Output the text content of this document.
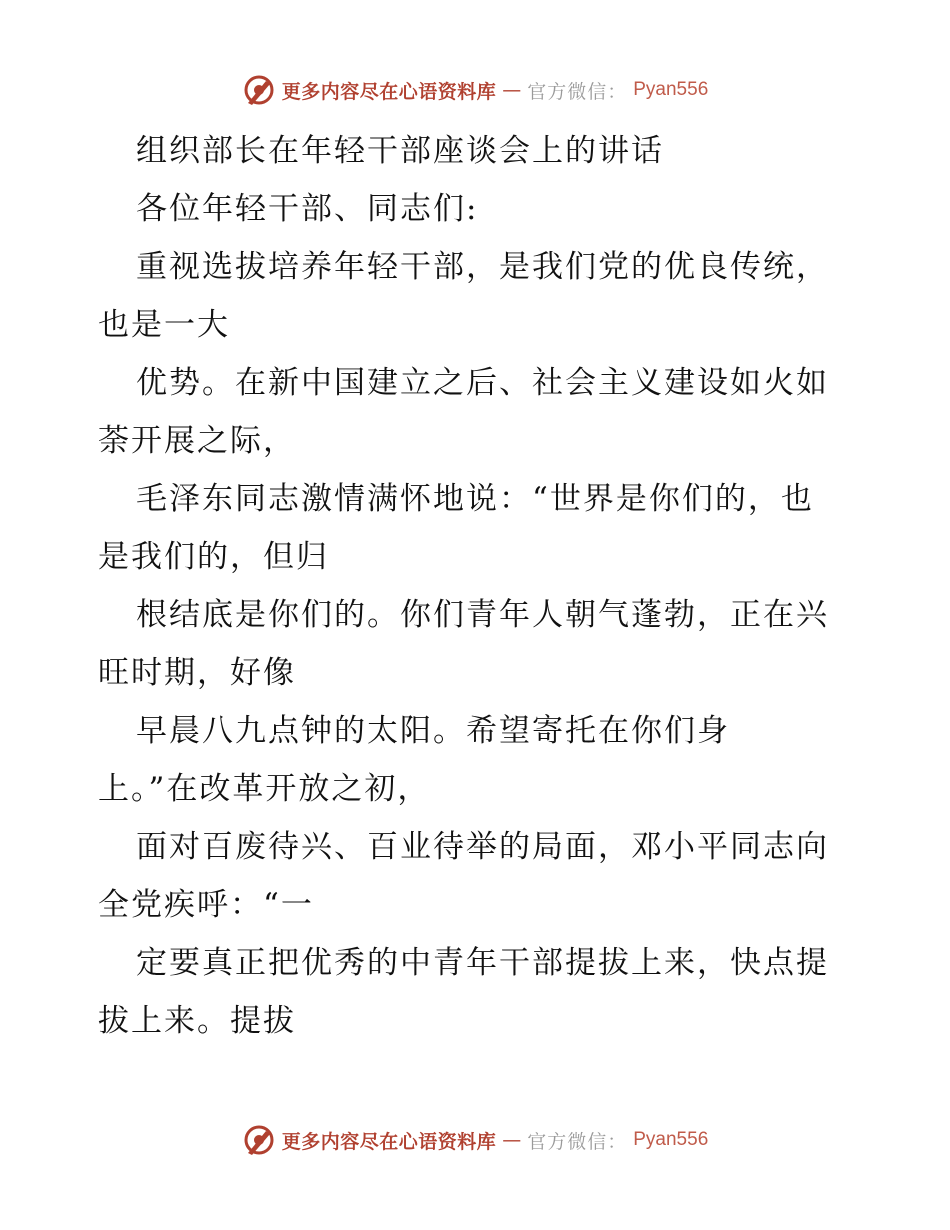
更多内容尽在心语资料库 — 官方微信： Pyan556
组织部长在年轻干部座谈会上的讲话
各位年轻干部、同志们:
重视选拔培养年轻干部，是我们党的优良传统，
也是一大
优势。在新中国建立之后、社会主义建设如火如
荼开展之际，
毛泽东同志激情满怀地说：“世界是你们的，也
是我们的，但归
根结底是你们的。你们青年人朝气蓬勃，正在兴
旺时期，好像
早晨八九点钟的太阳。希望寄托在你们身
上。”在改革开放之初，
面对百废待兴、百业待举的局面，邓小平同志向
全党疾呼：“一
定要真正把优秀的中青年干部提拔上来，快点提
拔上来。提拔
更多内容尽在心语资料库 — 官方微信： Pyan556
